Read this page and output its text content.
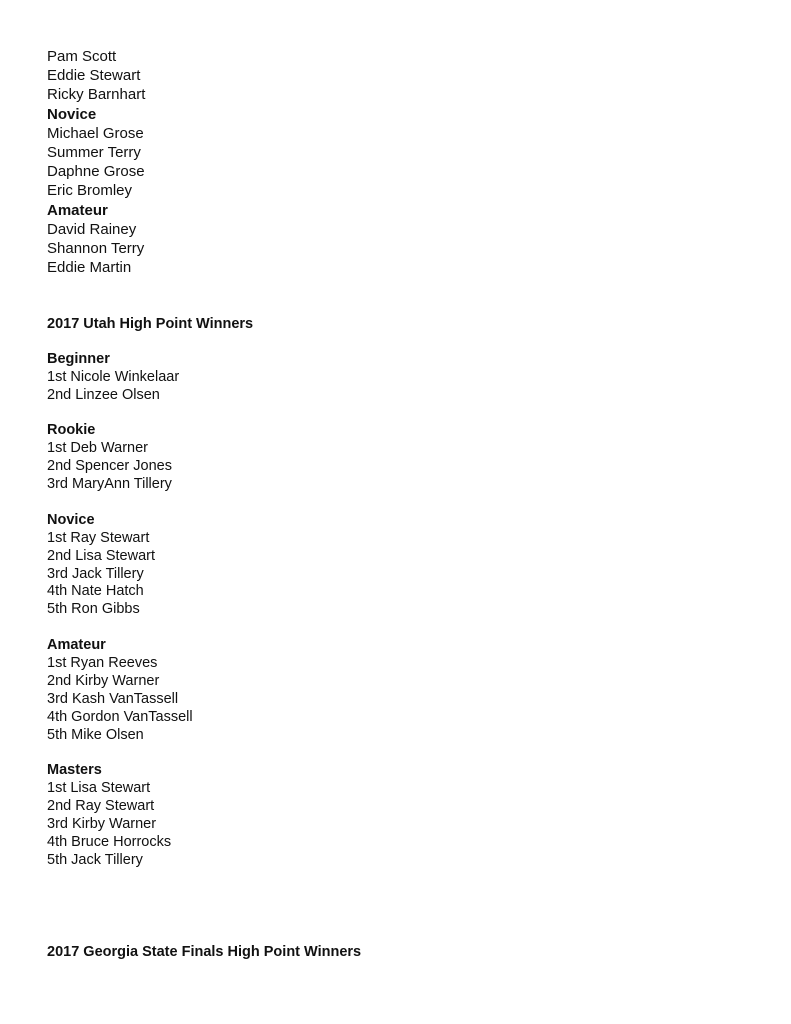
Pam Scott
Eddie Stewart
Ricky Barnhart
Novice
Michael Grose
Summer Terry
Daphne Grose
Eric Bromley
Amateur
David Rainey
Shannon Terry
Eddie Martin
2017 Utah High Point Winners
Beginner
1st Nicole Winkelaar
2nd Linzee Olsen
Rookie
1st Deb Warner
2nd Spencer Jones
3rd MaryAnn Tillery
Novice
1st Ray Stewart
2nd Lisa Stewart
3rd Jack Tillery
4th Nate Hatch
5th Ron Gibbs
Amateur
1st Ryan Reeves
2nd Kirby Warner
3rd Kash VanTassell
4th Gordon VanTassell
5th Mike Olsen
Masters
1st Lisa Stewart
2nd Ray Stewart
3rd Kirby Warner
4th Bruce Horrocks
5th Jack Tillery
2017 Georgia State Finals High Point Winners
